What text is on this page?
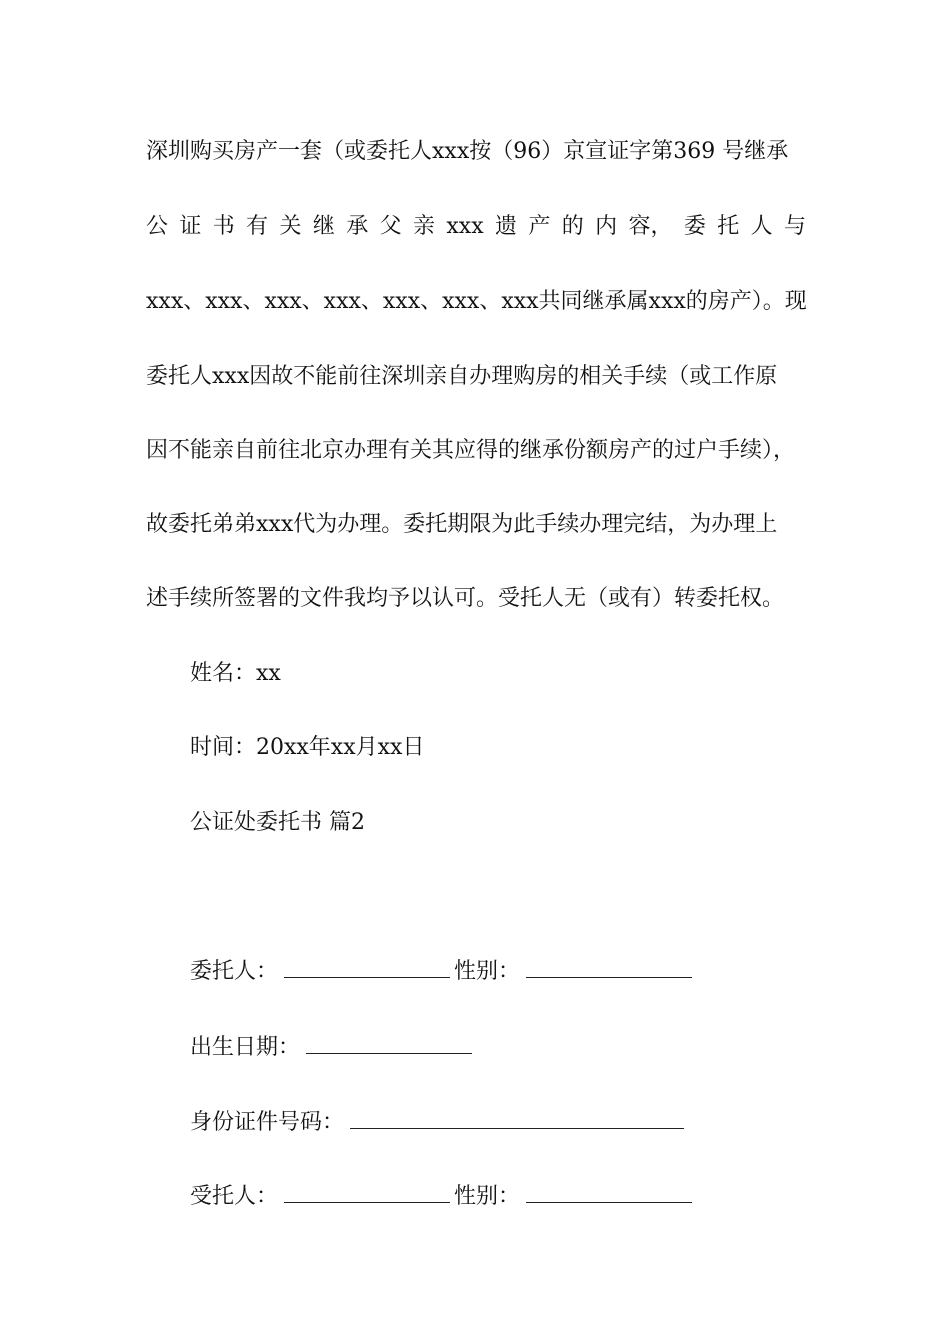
深圳购买房产一套（或委托人xxx按（96）京宣证字第369 号继承
公 证 书 有 关 继 承 父 亲 xxx 遗 产 的 内 容， 委 托 人 与
xxx、xxx、xxx、xxx、xxx、xxx、xxx共同继承属xxx的房产）。现
委托人xxx因故不能前往深圳亲自办理购房的相关手续（或工作原
因不能亲自前往北京办理有关其应得的继承份额房产的过户手续），
故委托弟弟xxx代为办理。委托期限为此手续办理完结，为办理上
述手续所签署的文件我均予以认可。受托人无（或有）转委托权。
姓名：xx
时间：20xx年xx月xx日
公证处委托书 篇2
委托人：	性别：
出生日期：
身份证件号码：
受托人：	性别：
